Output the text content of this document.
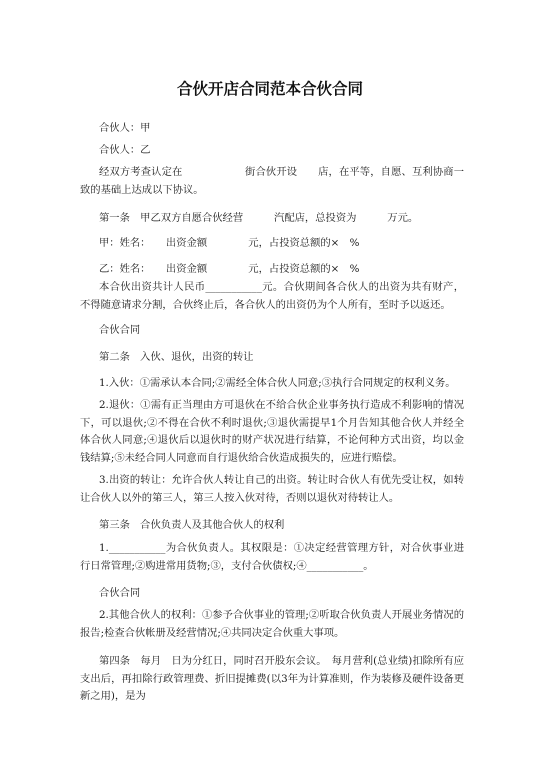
合伙开店合同范本合伙合同

合伙人：甲

合伙人：乙

经双方考查认定在　　　　　　街合伙开设　　店，在平等，自愿、互利协商一致的基础上达成以下协议。

第一条　甲乙双方自愿合伙经营　　　汽配店，总投资为　　　万元。

甲：姓名：　　出资金额　　　　元，占投资总额的×　%

乙：姓名：　　出资金额　　　　元，占投资总额的×　%

本合伙出资共计人民币___________元。合伙期间各合伙人的出资为共有财产，不得随意请求分割，合伙终止后，各合伙人的出资仍为个人所有，至时予以返还。

合伙合同

第二条　入伙、退伙，出资的转让

1.入伙：①需承认本合同;②需经全体合伙人同意;③执行合同规定的权利义务。

2.退伙：①需有正当理由方可退伙在不给合伙企业事务执行造成不利影响的情况下，可以退伙;②不得在合伙不利时退伙;③退伙需提早1个月告知其他合伙人并经全体合伙人同意;④退伙后以退伙时的财产状况进行结算，不论何种方式出资，均以金钱结算;⑤未经合同人同意而自行退伙给合伙造成损失的，应进行赔偿。

3.出资的转让：允许合伙人转让自己的出资。转让时合伙人有优先受让权，如转让合伙人以外的第三人，第三人按入伙对待，否则以退伙对待转让人。

第三条　合伙负责人及其他合伙人的权利

1.___________为合伙负责人。其权限是：①决定经营管理方针，对合伙事业进行日常管理;②购进常用货物;③，支付合伙债权;④___________。

合伙合同

2.其他合伙人的权利：①参予合伙事业的管理;②听取合伙负责人开展业务情况的报告;检查合伙帐册及经营情况;④共同决定合伙重大事项。

第四条　每月　日为分红日，同时召开股东会议。　每月营利(总业绩)扣除所有应支出后，再扣除行政管理费、折旧提摊费(以3年为计算准则，作为装修及硬件设备更新之用)，是为
